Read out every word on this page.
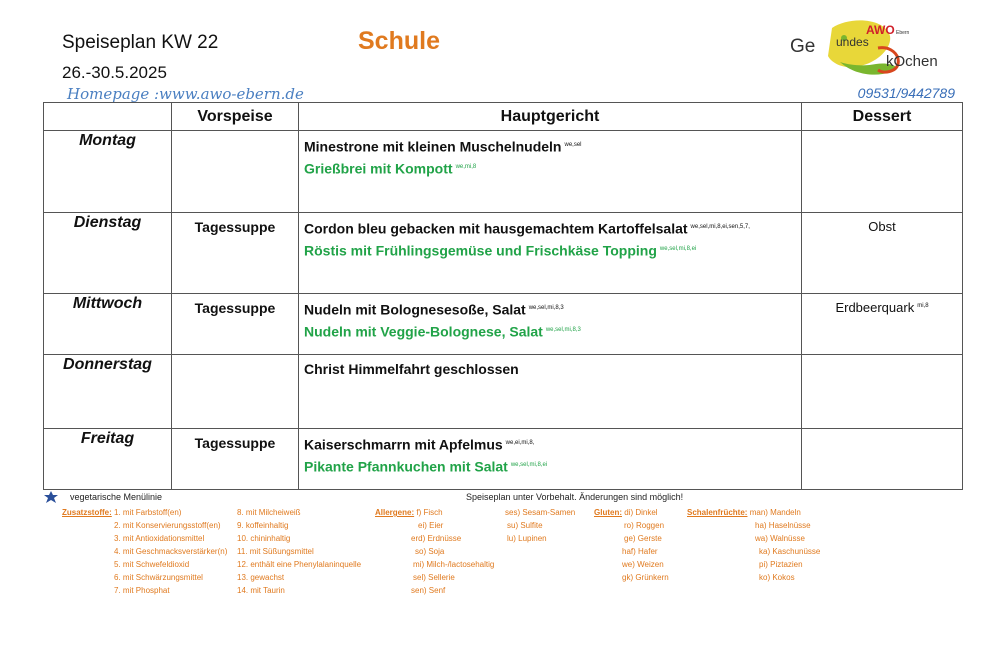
Speiseplan KW 22
26.-30.5.2025
Schule
Homepage :www.awo-ebern.de	09531/9442789
AWO Ebern
Ge undes
kOchen
	Vorspeise	Hauptgericht	Dessert
Montag		Minestrone mit kleinen Muschelnudeln $^{we,sel}$
Grießbrei mit Kompott $^{we,mi,8}$

Dienstag	Tagessuppe	Cordon bleu gebacken mit hausgemachtem Kartoffelsalat $^{we,sel,mi,8,ei,sen,5,7,}$
Röstis mit Frühlingsgemüse und Frischkäse Topping $^{we,sel,mi,8,ei}$	Obst
Mittwoch	Tagessuppe	Nudeln mit Bolognesesoße, Salat $^{we,sel,mi,8,3}$
Nudeln mit Veggie-Bolognese, Salat $^{we,sel,mi,8,3}$	Erdbeerquark $^{mi,8}$
Donnerstag		Christ Himmelfahrt geschlossen	

Freitag	Tagessuppe	Kaiserschmarrn mit Apfelmus $^{we,ei,mi,8,}$
Pikante Pfannkuchen mit Salat $^{we,sel,mi,8,ei}$

vegetarische Menülinie	Speiseplan unter Vorbehalt. Änderungen sind möglich!
Zusatzstoffe: 1. mit Farbstoff(en)
2. mit Konservierungsstoff(en)
3. mit Antioxidationsmittel
4. mit Geschmacksverstärker(n)
5. mit Schwefeldioxid
6. mit Schwärzungsmittel
7. mit Phosphat
8. mit Milcheiweiß
9. koffeinhaltig
10. chininhaltig
11. mit Süßungsmittel
12. enthält eine Phenylalaninquelle
13. gewachst
14. mit Taurin
Allergene: f) Fisch
ei) Eier
erd) Erdnüsse
so) Soja
mi) Milch-/lactosehaltig
sel) Sellerie
sen) Senf
ses) Sesam-Samen
su) Sulfite
lu) Lupinen
Gluten: di) Dinkel
ro) Roggen
ge) Gerste
haf) Hafer
we) Weizen
gk) Grünkern
Schalenfrüchte: man) Mandeln
ha) Haselnüsse
wa) Walnüsse
ka) Kaschunüsse
pi) Piztazien
ko) Kokos
